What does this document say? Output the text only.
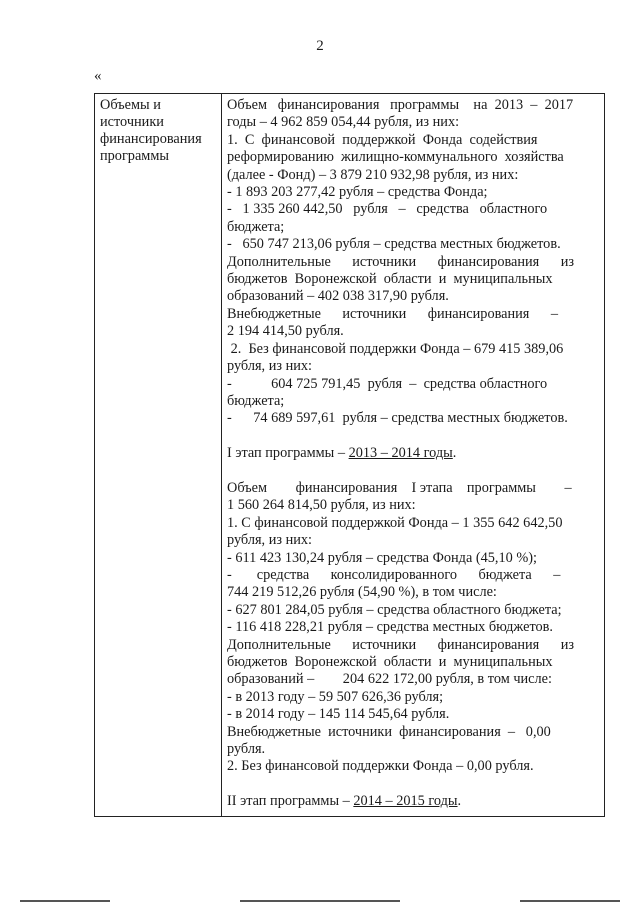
2
«
Объемы и
источники
финансирования
программы
Объем   финансирования   программы    на  2013  –  2017
годы – 4 962 859 054,44 рубля, из них:
1.  С  финансовой  поддержкой  Фонда  содействия
реформированию  жилищно-коммунального  хозяйства
(далее - Фонд) – 3 879 210 932,98 рубля, из них:
- 1 893 203 277,42 рубля – средства Фонда;
-   1 335 260 442,50   рубля   –   средства   областного
бюджета;
-   650 747 213,06 рубля – средства местных бюджетов.
Дополнительные      источники      финансирования      из
бюджетов  Воронежской  области  и  муниципальных
образований – 402 038 317,90 рубля.
Внебюджетные      источники      финансирования      –
2 194 414,50 рубля.
2.  Без финансовой поддержки Фонда – 679 415 389,06
рубля, из них:
-           604 725 791,45  рубля  –  средства областного
бюджета;
-      74 689 597,61  рубля – средства местных бюджетов.
I этап программы – 2013 – 2014 годы.
Объем        финансирования    I этапа    программы        –
1 560 264 814,50 рубля, из них:
1. С финансовой поддержкой Фонда – 1 355 642 642,50
рубля, из них:
- 611 423 130,24 рубля – средства Фонда (45,10 %);
-       средства      консолидированного      бюджета      –
744 219 512,26 рубля (54,90 %), в том числе:
- 627 801 284,05 рубля – средства областного бюджета;
- 116 418 228,21 рубля – средства местных бюджетов.
Дополнительные      источники      финансирования      из
бюджетов  Воронежской  области  и  муниципальных
образований –        204 622 172,00 рубля, в том числе:
- в 2013 году – 59 507 626,36 рубля;
- в 2014 году – 145 114 545,64 рубля.
Внебюджетные  источники  финансирования  –   0,00
рубля.
2. Без финансовой поддержки Фонда – 0,00 рубля.
II этап программы – 2014 – 2015 годы.
